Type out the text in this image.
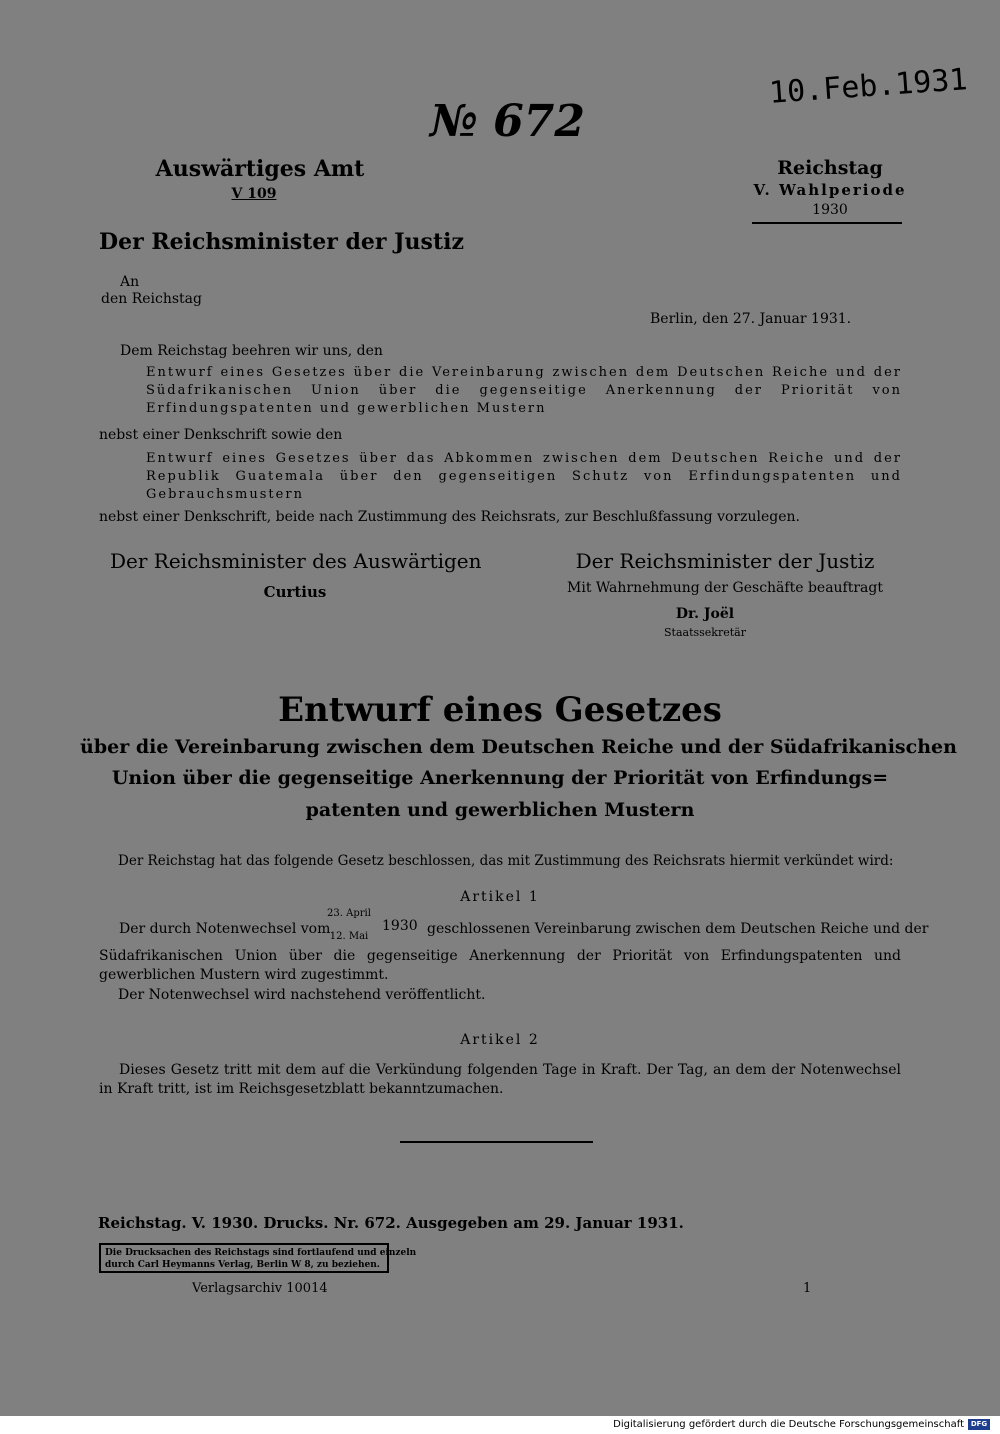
№ 672
10.Feb.1931
Auswärtiges Amt
V 109
Reichstag
V. Wahlperiode
1930
Der Reichsminister der Justiz
An
den Reichstag
Berlin, den 27. Januar 1931.
Dem Reichstag beehren wir uns, den
Entwurf eines Gesetzes über die Vereinbarung zwischen dem Deutschen Reiche und der Südafrikanischen Union über die gegenseitige Anerkennung der Priorität von Erfindungspatenten und gewerblichen Mustern
nebst einer Denkschrift sowie den
Entwurf eines Gesetzes über das Abkommen zwischen dem Deutschen Reiche und der Republik Guatemala über den gegenseitigen Schutz von Erfindungspatenten und Gebrauchsmustern
nebst einer Denkschrift, beide nach Zustimmung des Reichsrats, zur Beschlußfassung vorzulegen.
Der Reichsminister des Auswärtigen
Curtius
Der Reichsminister der Justiz
Mit Wahrnehmung der Geschäfte beauftragt
Dr. Joël
Staatssekretär
Entwurf eines Gesetzes
über die Vereinbarung zwischen dem Deutschen Reiche und der Südafrikanischen
Union über die gegenseitige Anerkennung der Priorität von Erfindungs=
patenten und gewerblichen Mustern
Der Reichstag hat das folgende Gesetz beschlossen, das mit Zustimmung des Reichsrats hiermit verkündet wird:
Artikel 1
Der durch Notenwechsel vom
23. April
12. Mai
1930 geschlossenen Vereinbarung zwischen dem Deutschen Reiche und der
Südafrikanischen Union über die gegenseitige Anerkennung der Priorität von Erfindungspatenten und gewerblichen Mustern wird zugestimmt.
Der Notenwechsel wird nachstehend veröffentlicht.
Artikel 2
Dieses Gesetz tritt mit dem auf die Verkündung folgenden Tage in Kraft. Der Tag, an dem der Notenwechsel in Kraft tritt, ist im Reichsgesetzblatt bekanntzumachen.
Reichstag. V. 1930. Drucks. Nr. 672. Ausgegeben am 29. Januar 1931.
Die Drucksachen des Reichstags sind fortlaufend und einzeln
durch Carl Heymanns Verlag, Berlin W 8, zu beziehen.
Verlagsarchiv 10014	1
Digitalisierung gefördert durch die Deutsche Forschungsgemeinschaft DFG
